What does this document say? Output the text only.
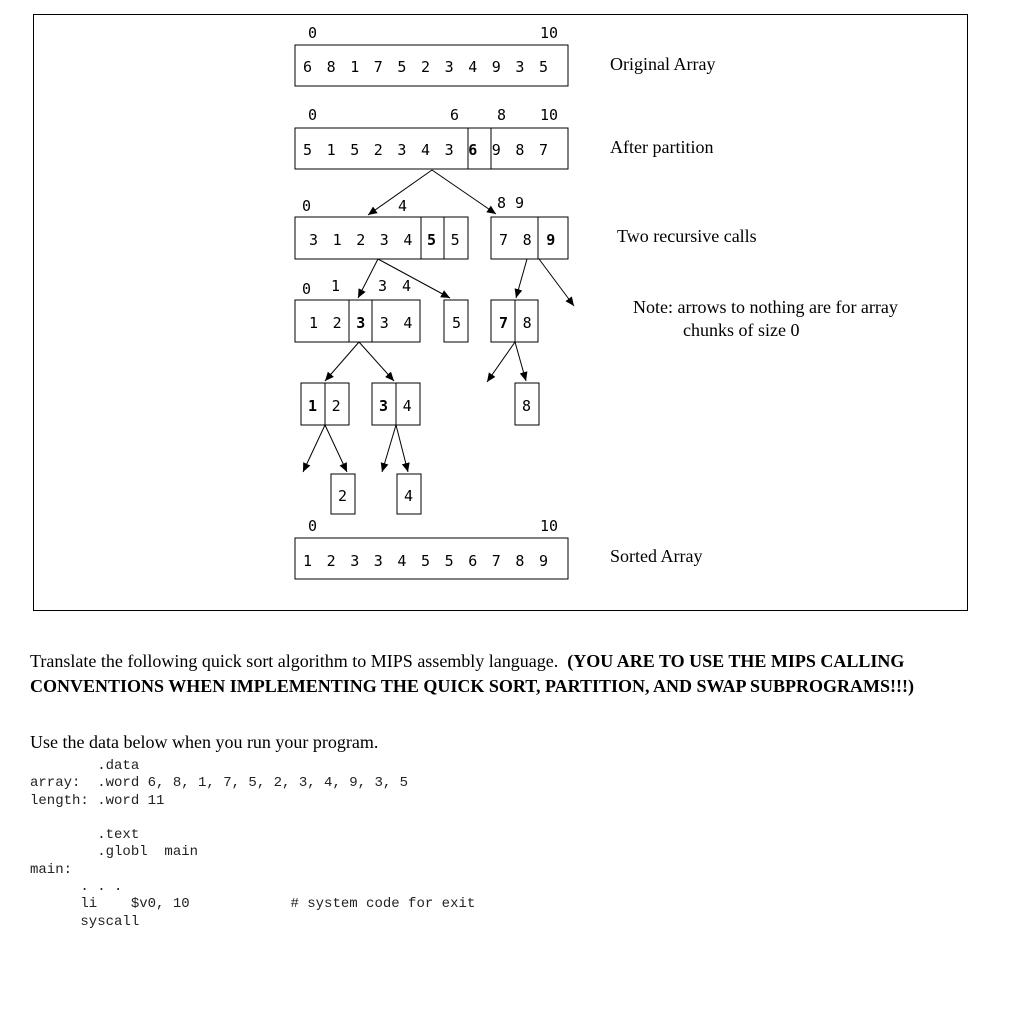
0	10
6 8 1 7 5 2 3 4 9 3 5	Original Array
0	6	8 10
5 1 5 2 3 4 3 6 9 8 7	After partition
0	4	8 9
3 1 2 3 4 5 5	7 8 9	Two recursive calls
0 1	3 4
1 2 3 3 4	5	7 8
Note: arrows to nothing are for array
chunks of size 0
1 2	3 4	8
2	4
0	10
1 2 3 3 4 5 5 6 7 8 9	Sorted Array
Translate the following quick sort algorithm to MIPS assembly language. (YOU ARE TO USE THE MIPS CALLING CONVENTIONS WHEN IMPLEMENTING THE QUICK SORT, PARTITION, AND SWAP SUBPROGRAMS!!!)
Use the data below when you run your program.
.data
array:  .word 6, 8, 1, 7, 5, 2, 3, 4, 9, 3, 5
length: .word 11

.text
.globl  main
main:
. . .
li    $v0, 10            # system code for exit
syscall
